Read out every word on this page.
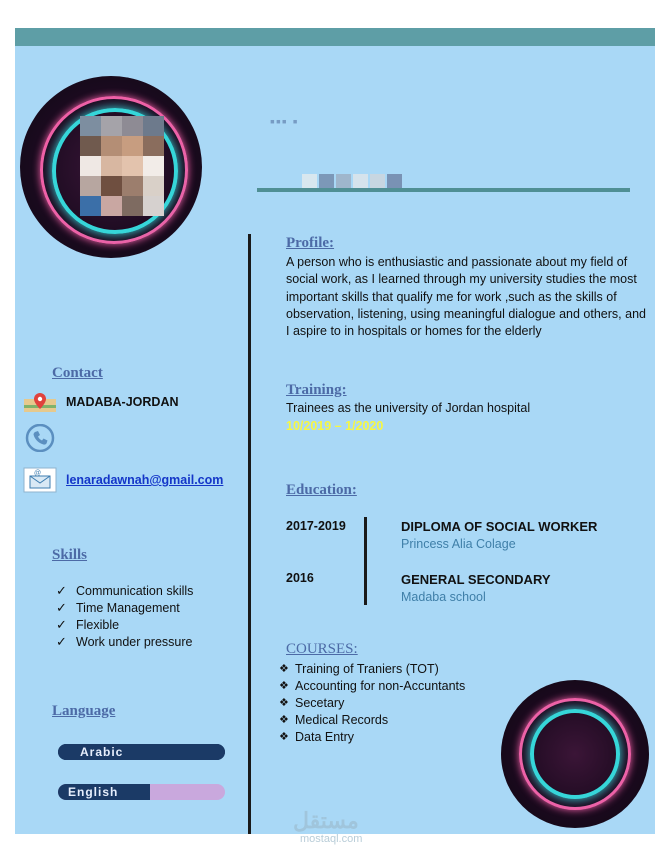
▪▪▪ ▪
Contact
MADABA-JORDAN
@ lenaradawnah@gmail.com
Skills
✓ Communication skills
✓ Time Management
✓ Flexible
✓ Work under pressure
Language
Arabic
English
Profile:
A person who is enthusiastic and passionate about my field of social work, as I learned through my university studies the most important skills that qualify me for work ,such as the skills of observation, listening, using meaningful dialogue and others, and I aspire to in hospitals or homes for the elderly
Training:
Trainees as the university of Jordan hospital
10/2019 – 1/2020
Education:
2017-2019	DIPLOMA OF SOCIAL WORKER
Princess Alia Colage
2016	GENERAL SECONDARY
Madaba school
COURSES:
❖ Training of Traniers (TOT)
❖ Accounting for non-Accuntants
❖ Secetary
❖ Medical Records
❖ Data Entry
مستقل
mostaql.com
